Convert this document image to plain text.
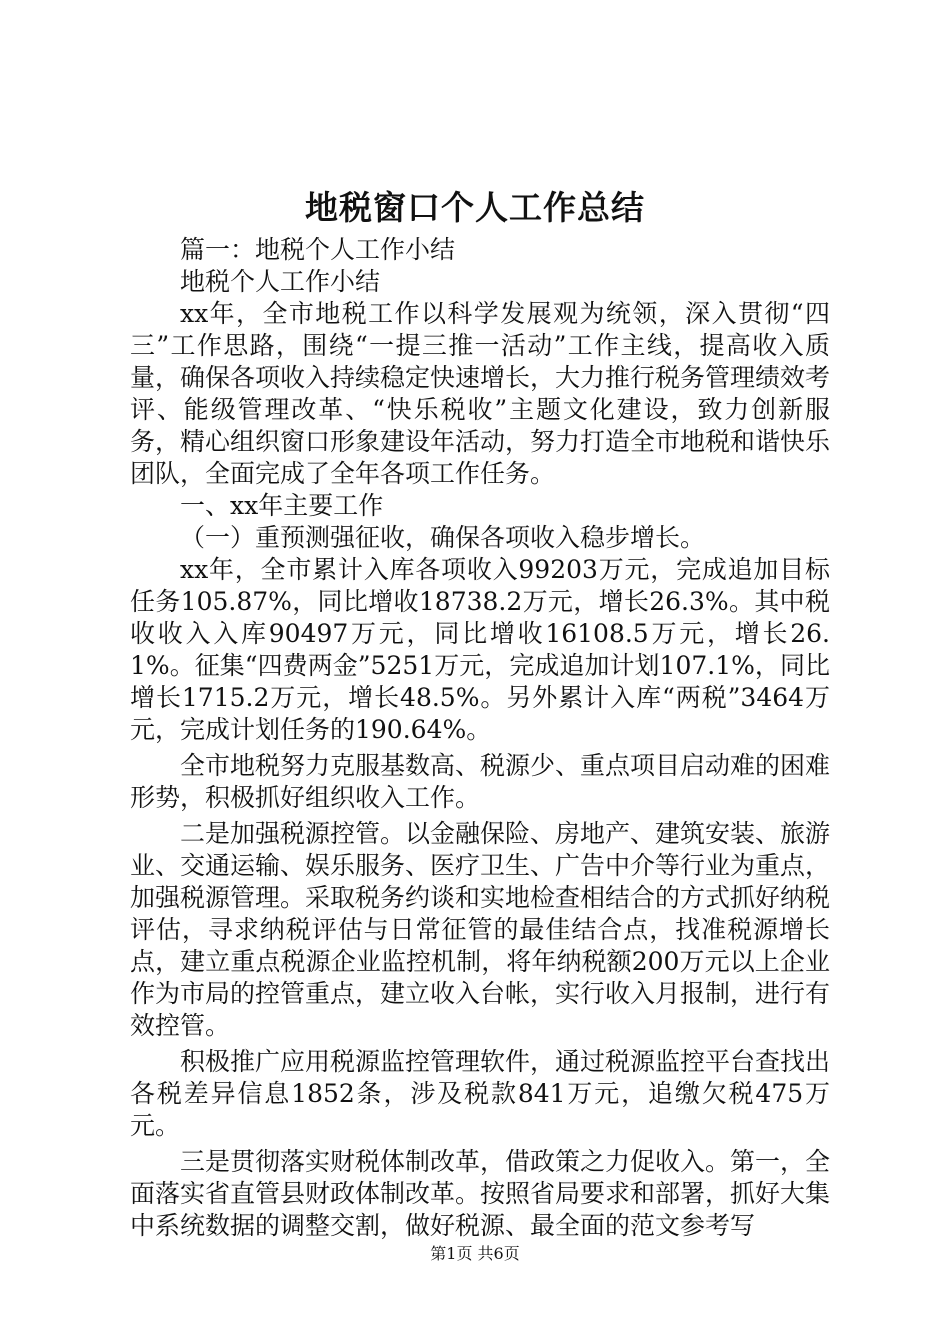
地税窗口个人工作总结

篇一：地税个人工作小结

地税个人工作小结

xx年，全市地税工作以科学发展观为统领，深入贯彻“四三”工作思路，围绕“一提三推一活动”工作主线，提高收入质量，确保各项收入持续稳定快速增长，大力推行税务管理绩效考评、能级管理改革、“快乐税收”主题文化建设，致力创新服务，精心组织窗口形象建设年活动，努力打造全市地税和谐快乐团队，全面完成了全年各项工作任务。

一、xx年主要工作

（一）重预测强征收，确保各项收入稳步增长。

xx年，全市累计入库各项收入99203万元，完成追加目标任务105.87%，同比增收18738.2万元，增长26.3%。其中税收收入入库90497万元，同比增收16108.5万元，增长26.1%。征集“四费两金”5251万元，完成追加计划107.1%，同比增长1715.2万元，增长48.5%。另外累计入库“两税”3464万元，完成计划任务的190.64%。

全市地税努力克服基数高、税源少、重点项目启动难的困难形势，积极抓好组织收入工作。

二是加强税源控管。以金融保险、房地产、建筑安装、旅游业、交通运输、娱乐服务、医疗卫生、广告中介等行业为重点，加强税源管理。采取税务约谈和实地检查相结合的方式抓好纳税评估，寻求纳税评估与日常征管的最佳结合点，找准税源增长点，建立重点税源企业监控机制，将年纳税额200万元以上企业作为市局的控管重点，建立收入台帐，实行收入月报制，进行有效控管。

积极推广应用税源监控管理软件，通过税源监控平台查找出各税差异信息1852条，涉及税款841万元，追缴欠税475万元。

三是贯彻落实财税体制改革，借政策之力促收入。第一，全面落实省直管县财政体制改革。按照省局要求和部署，抓好大集中系统数据的调整交割，做好税源、最全面的范文参考写

第1页 共6页
